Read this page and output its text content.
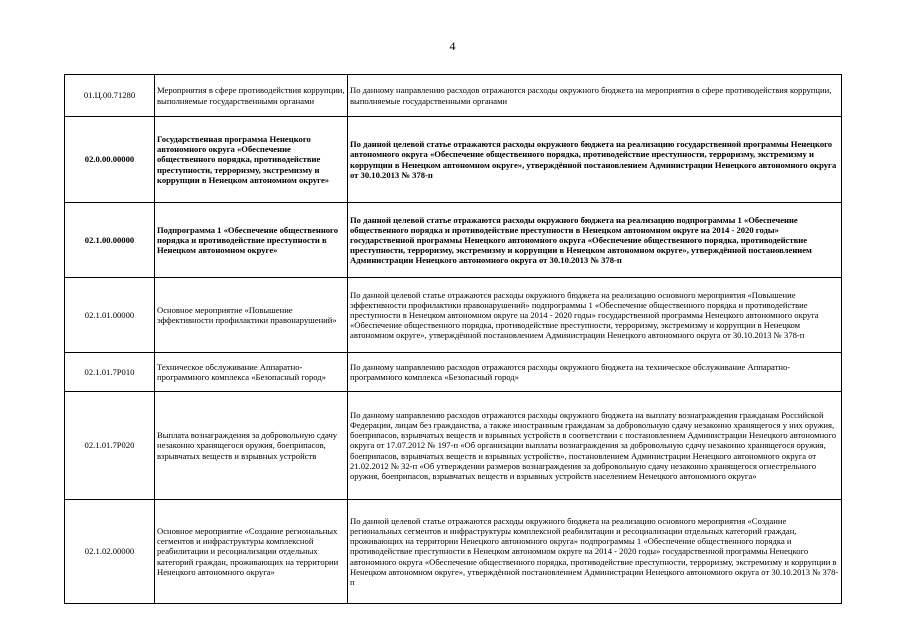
4
01.Ц.00.71280	Мероприятия в сфере противодействия коррупции, выполняемые государственными органами	По данному направлению расходов отражаются расходы окружного бюджета на мероприятия в сфере противодействия коррупции, выполняемые государственными органами
02.0.00.00000	Государственная программа Ненецкого автономного округа «Обеспечение общественного порядка, противодействие преступности, терроризму, экстремизму и коррупции в Ненецком автономном округе»	По данной целевой статье отражаются расходы окружного бюджета на реализацию государственной программы Ненецкого автономного округа «Обеспечение общественного порядка, противодействие преступности, терроризму, экстремизму и коррупции в Ненецком автономном округе», утверждённой постановлением Администрации Ненецкого автономного округа от 30.10.2013 № 378-п
02.1.00.00000	Подпрограмма 1 «Обеспечение общественного порядка и противодействие преступности в Ненецком автономном округе»	По данной целевой статье отражаются расходы окружного бюджета на реализацию подпрограммы 1 «Обеспечение общественного порядка и противодействие преступности в Ненецком автономном округе на 2014 - 2020 годы» государственной программы Ненецкого автономного округа «Обеспечение общественного порядка, противодействие преступности, терроризму, экстремизму и коррупции в Ненецком автономном округе», утверждённой постановлением Администрации Ненецкого автономного округа от 30.10.2013 № 378-п
02.1.01.00000	Основное мероприятие «Повышение эффективности профилактики правонарушений»	По данной целевой статье отражаются расходы окружного бюджета на реализацию основного мероприятия «Повышение эффективности профилактики правонарушений» подпрограммы 1 «Обеспечение общественного порядка и противодействие преступности в Ненецком автономном округе на 2014 - 2020 годы» государственной программы Ненецкого автономного округа «Обеспечение общественного порядка, противодействие преступности, терроризму, экстремизму и коррупции в Ненецком автономном округе», утверждённой постановлением Администрации Ненецкого автономного округа от 30.10.2013 № 378-п
02.1.01.7Р010	Техническое обслуживание Аппаратно-программного комплекса «Безопасный город»	По данному направлению расходов отражаются расходы окружного бюджета на техническое обслуживание Аппаратно-программного комплекса «Безопасный город»
02.1.01.7Р020	Выплата вознаграждения за добровольную сдачу незаконно хранящегося оружия, боеприпасов, взрывчатых веществ и взрывных устройств	По данному направлению расходов отражаются расходы окружного бюджета на выплату вознаграждения гражданам Российской Федерации, лицам без гражданства, а также иностранным гражданам за добровольную сдачу незаконно хранящегося у них оружия, боеприпасов, взрывчатых веществ и взрывных устройств в соответствии с постановлением Администрации Ненецкого автономного округа от 17.07.2012 № 197-п «Об организации выплаты вознаграждения за добровольную сдачу незаконно хранящегося оружия, боеприпасов, взрывчатых веществ и взрывных устройств», постановлением Администрации Ненецкого автономного округа от 21.02.2012 № 32-п «Об утверждении размеров вознаграждения за добровольную сдачу незаконно хранящегося огнестрельного оружия, боеприпасов, взрывчатых веществ и взрывных устройств населением Ненецкого автономного округа»
02.1.02.00000	Основное мероприятие «Создание региональных сегментов и инфраструктуры комплексной реабилитации и ресоциализации отдельных категорий граждан, проживающих на территории Ненецкого автономного округа»	По данной целевой статье отражаются расходы окружного бюджета на реализацию основного мероприятия «Создание региональных сегментов и инфраструктуры комплексной реабилитации и ресоциализации отдельных категорий граждан, проживающих на территории Ненецкого автономного округа» подпрограммы 1 «Обеспечение общественного порядка и противодействие преступности в Ненецком автономном округе на 2014 - 2020 годы» государственной программы Ненецкого автономного округа «Обеспечение общественного порядка, противодействие преступности, терроризму, экстремизму и коррупции в Ненецком автономном округе», утверждённой постановлением Администрации Ненецкого автономного округа от 30.10.2013 № 378-п
